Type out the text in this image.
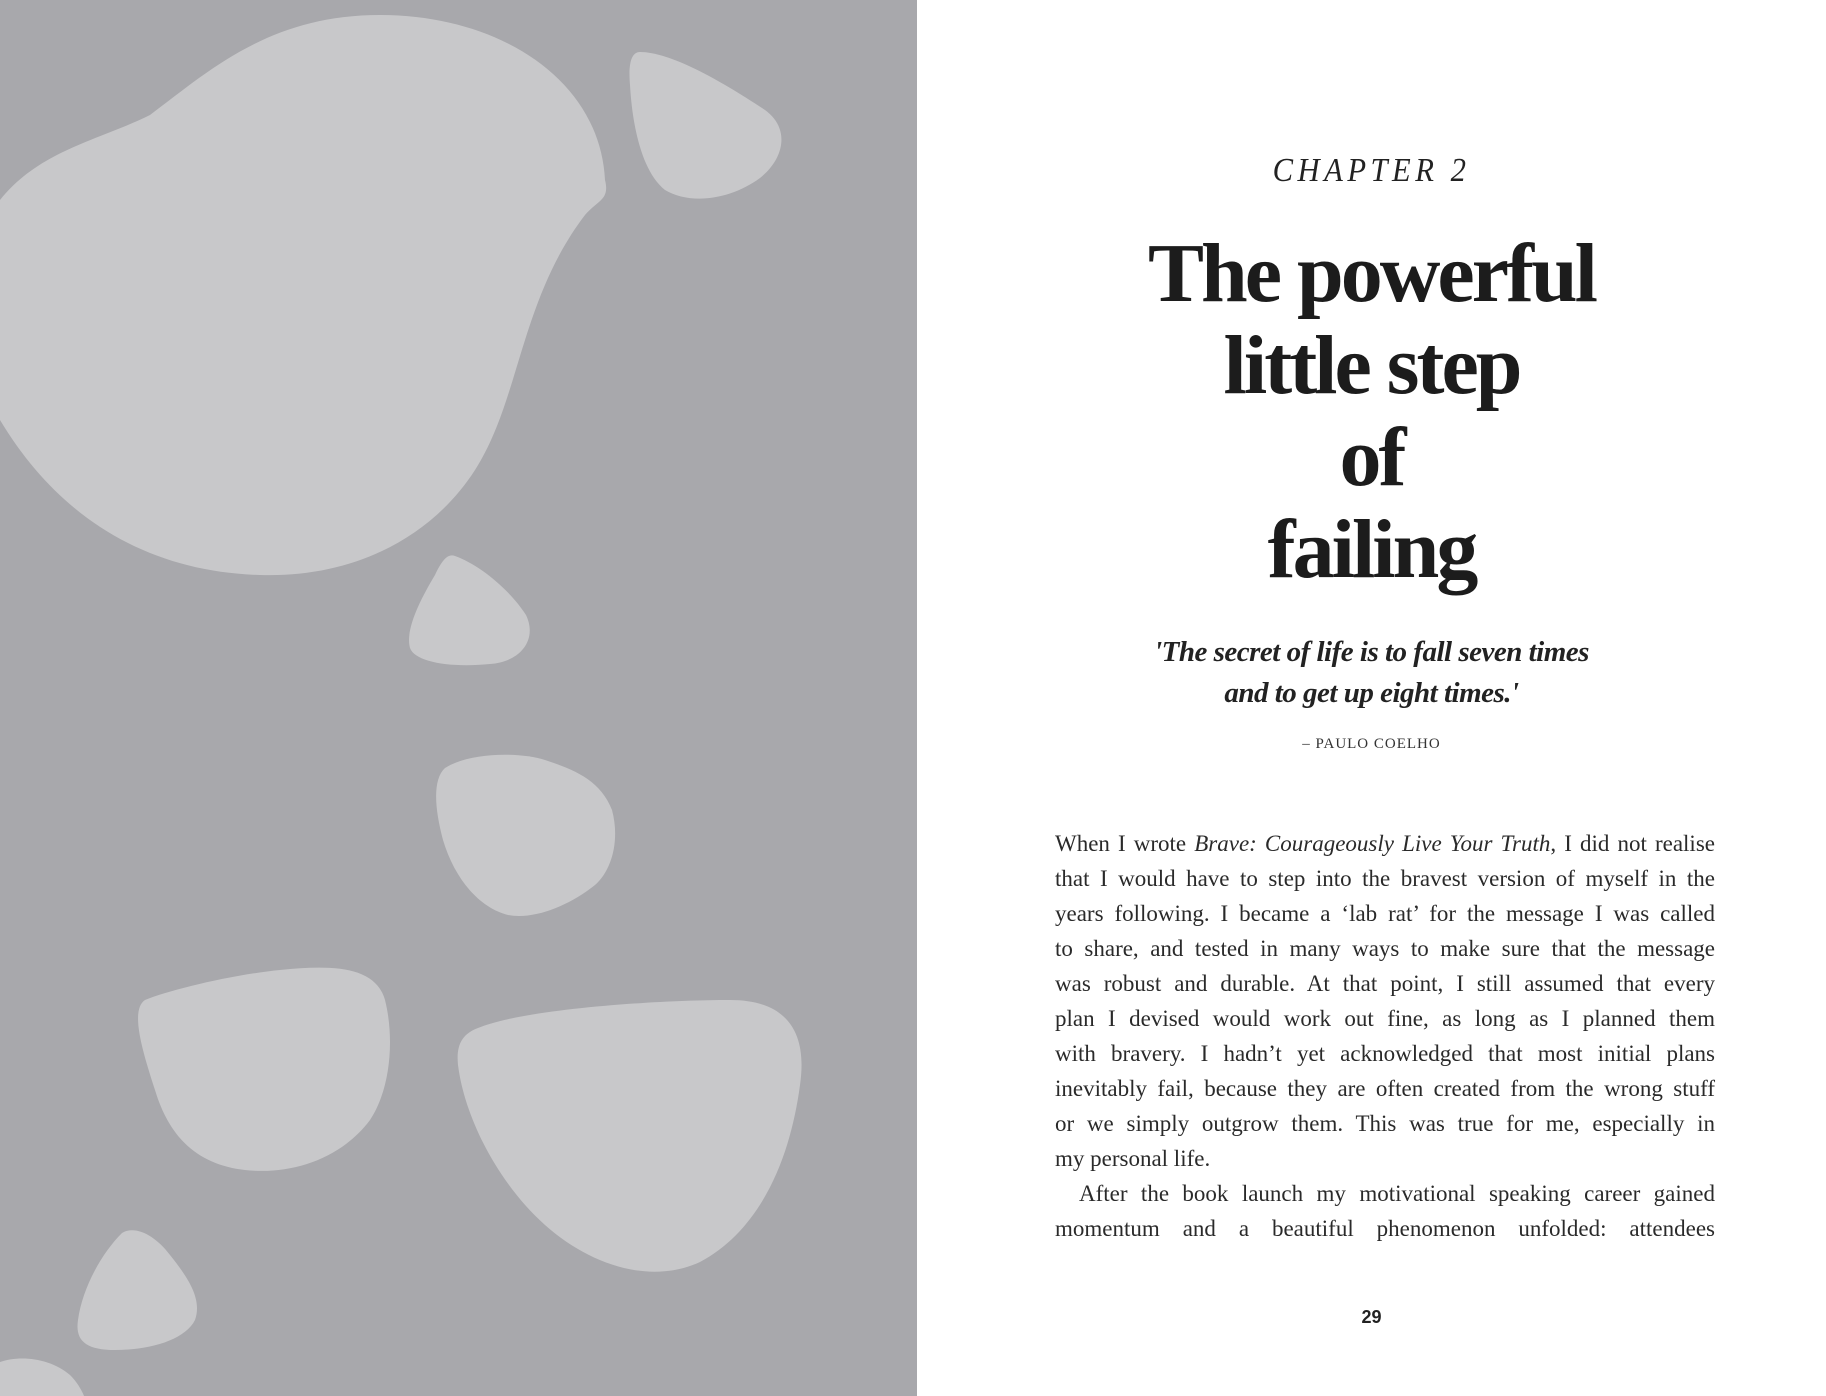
CHAPTER 2
The powerful
little step
of
failing
'The secret of life is to fall seven times
and to get up eight times.'
– PAULO COELHO
When I wrote Brave: Courageously Live Your Truth, I did not realise
that I would have to step into the bravest version of myself in the
years following. I became a ‘lab rat’ for the message I was called
to share, and tested in many ways to make sure that the message
was robust and durable. At that point, I still assumed that every
plan I devised would work out fine, as long as I planned them
with bravery. I hadn’t yet acknowledged that most initial plans
inevitably fail, because they are often created from the wrong stuff
or we simply outgrow them. This was true for me, especially in
my personal life.
After the book launch my motivational speaking career gained
momentum and a beautiful phenomenon unfolded: attendees
29
